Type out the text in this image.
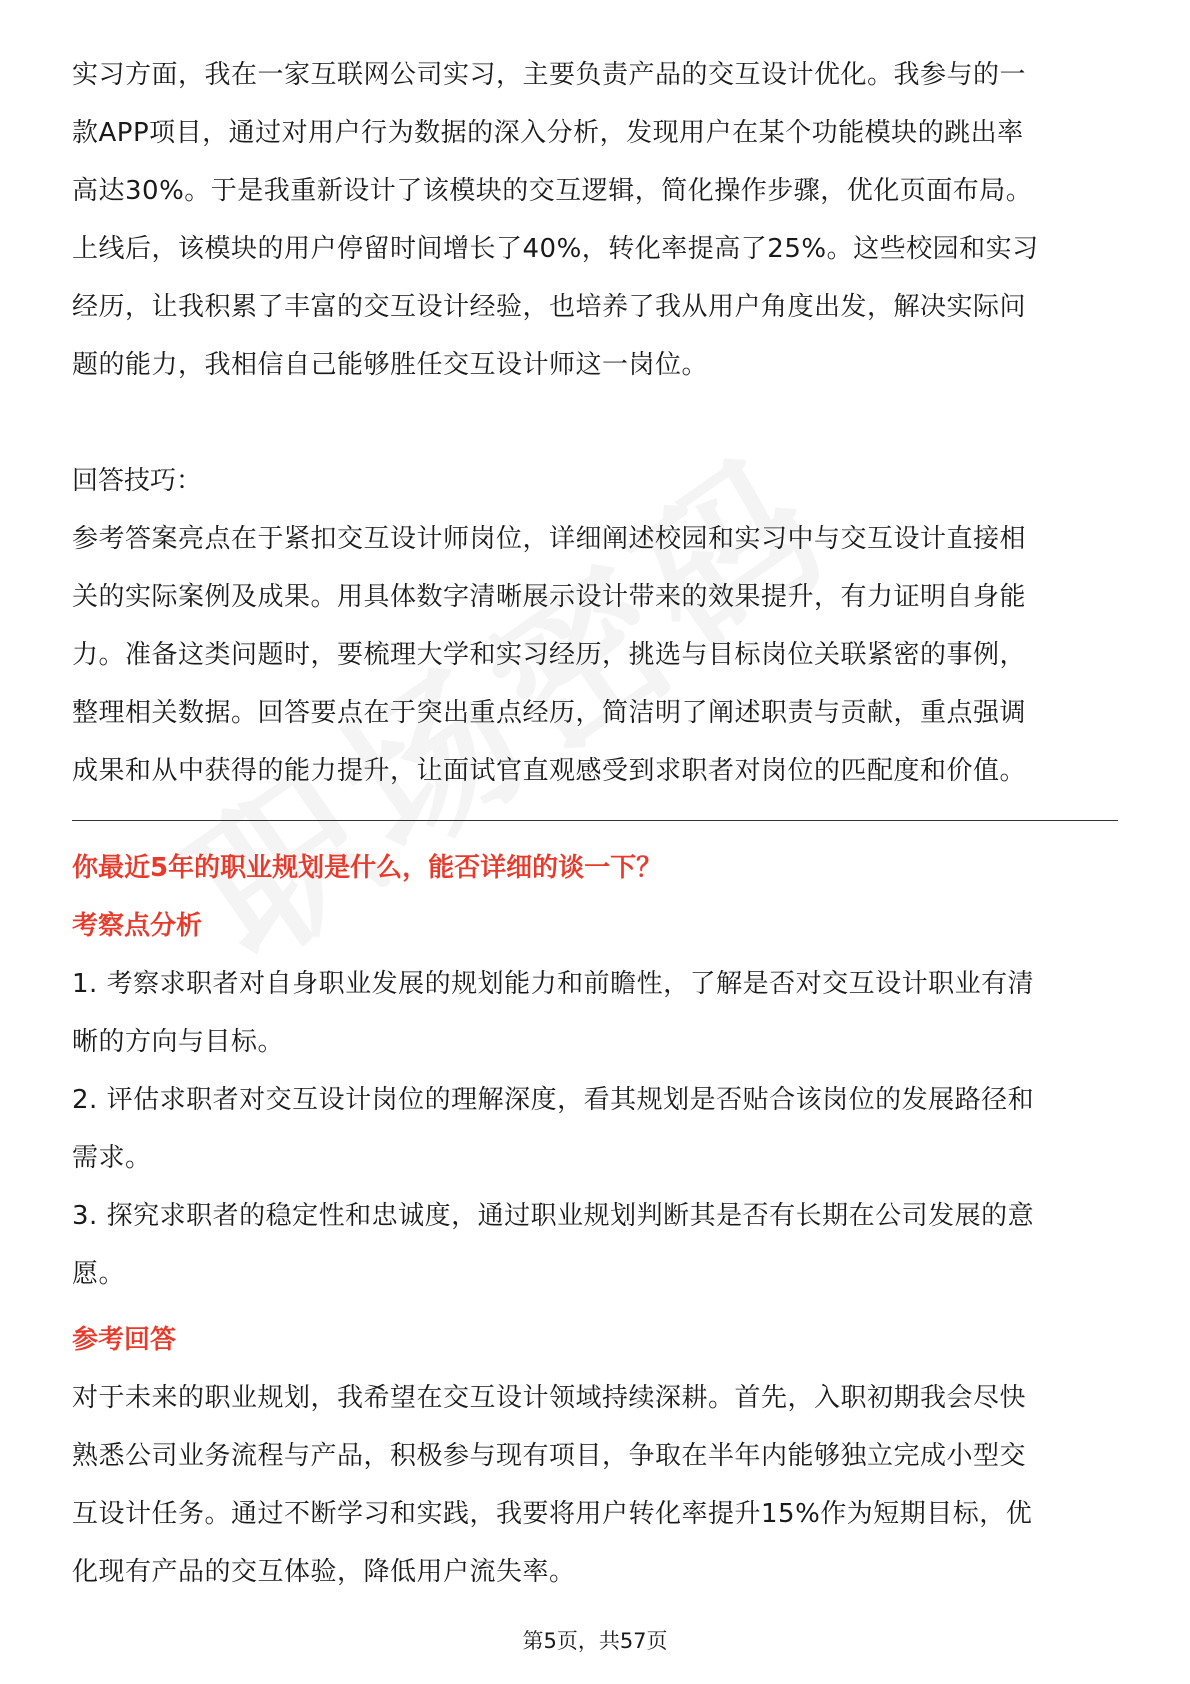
实习方面，我在一家互联网公司实习，主要负责产品的交互设计优化。我参与的一

款APP项目，通过对用户行为数据的深入分析，发现用户在某个功能模块的跳出率

高达30%。于是我重新设计了该模块的交互逻辑，简化操作步骤，优化页面布局。

上线后，该模块的用户停留时间增长了40%，转化率提高了25%。这些校园和实习

经历，让我积累了丰富的交互设计经验，也培养了我从用户角度出发，解决实际问

题的能力，我相信自己能够胜任交互设计师这一岗位。

回答技巧：

参考答案亮点在于紧扣交互设计师岗位，详细阐述校园和实习中与交互设计直接相

关的实际案例及成果。用具体数字清晰展示设计带来的效果提升，有力证明自身能

力。准备这类问题时，要梳理大学和实习经历，挑选与目标岗位关联紧密的事例，

整理相关数据。回答要点在于突出重点经历，简洁明了阐述职责与贡献，重点强调

成果和从中获得的能力提升，让面试官直观感受到求职者对岗位的匹配度和价值。

你最近5年的职业规划是什么，能否详细的谈一下？

考察点分析

1. 考察求职者对自身职业发展的规划能力和前瞻性，了解是否对交互设计职业有清

晰的方向与目标。

2. 评估求职者对交互设计岗位的理解深度，看其规划是否贴合该岗位的发展路径和

需求。

3. 探究求职者的稳定性和忠诚度，通过职业规划判断其是否有长期在公司发展的意

愿。

参考回答

对于未来的职业规划，我希望在交互设计领域持续深耕。首先，入职初期我会尽快

熟悉公司业务流程与产品，积极参与现有项目，争取在半年内能够独立完成小型交

互设计任务。通过不断学习和实践，我要将用户转化率提升15%作为短期目标，优

化现有产品的交互体验，降低用户流失率。

第5页，共57页
